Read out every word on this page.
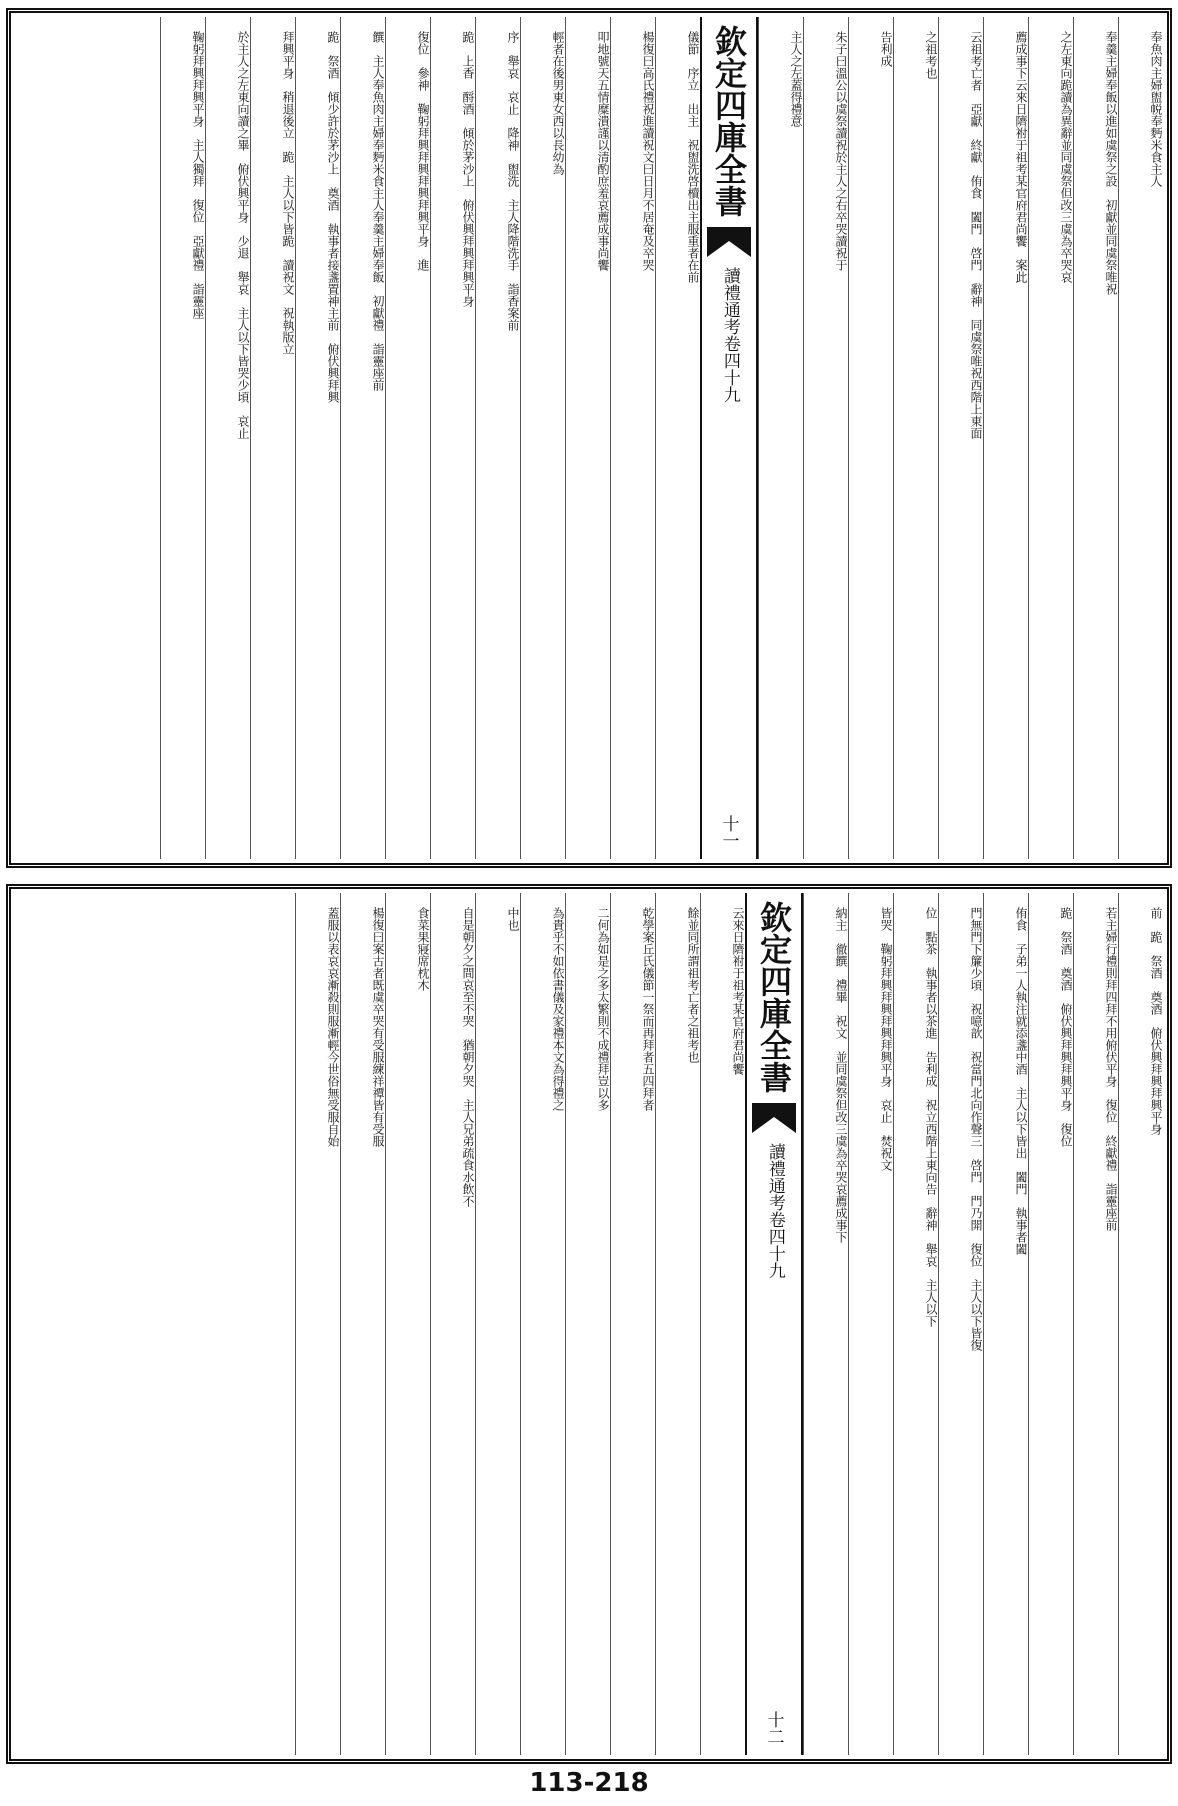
奉魚肉主婦盥帨奉麪米食主人
奉羹主婦奉飯以進如虞祭之設　初獻並同虞祭唯祝
之左東向跪讀為異辭並同虞祭但改三虞為卒哭哀
薦成事下云來日隮祔于祖考某官府君尚饗　案此
云祖考亡者　亞獻　終獻　侑食　闔門　啓門　辭神　同虞祭唯祝西階上東面
之祖考也
告利成
朱子曰溫公以虞祭讀祝於主人之右卒哭讀祝于
主人之左蓋得禮意
欽定四庫全書
讀禮通考
卷四十九
十一
儀節　序立　出主　祝盥洗啓櫝出主服重者在前
楊復曰高氏禮祝進讀祝文曰日月不居奄及卒哭
叩地號天五情糜潰謹以清酌庶羞哀薦成事尚饗
輕者在後男東女西以長幼為
序　舉哀　哀止　降神　盥洗　主人降階洗手　詣香案前
跪　上香　酹酒　傾於茅沙上　俯伏興拜興拜興平身
復位　參神　鞠躬拜興拜興拜興拜興平身　進
饌　主人奉魚肉主婦奉麪米食主人奉羹主婦奉飯　初獻禮　詣靈座前
跪　祭酒　傾少許於茅沙上　奠酒　執事者接盞置神主前　俯伏興拜興
拜興平身　稍退後立　跪　主人以下皆跪　讀祝文　祝執版立
於主人之左東向讀之畢　俯伏興平身　少退　舉哀　主人以下皆哭少頃　哀止
鞠躬拜興拜興平身　主人獨拜　復位　亞獻禮　詣靈座
前　跪　祭酒　奠酒　俯伏興拜興拜興平身
若主婦行禮則拜四拜不用俯伏平身　復位　終獻禮　詣靈座前
跪　祭酒　奠酒　俯伏興拜興拜興平身　復位
侑食　子弟一人執注就添盞中酒　主人以下皆出　闔門　執事者闔
門無門下簾少頃　祝噫歆　祝當門北向作聲三　啓門　門乃開　復位　主人以下皆復
位　點茶　執事者以茶進　告利成　祝立西階上東向告　辭神　舉哀　主人以下
皆哭　鞠躬拜興拜興拜興拜興平身　哀止　焚祝文
納主　徹饌　禮畢　祝文　並同虞祭但改三虞為卒哭哀薦成事下
欽定四庫全書
讀禮通考
卷四十九
十二
云來日隮祔于祖考某官府君尚饗
餘並同所謂祖考亡者之祖考也
乾學案丘氏儀節一祭而再拜者五四拜者
二何為如是之多太繁則不成禮拜豈以多
為貴乎不如依書儀及家禮本文為得禮之
中也
自是朝夕之間哀至不哭　猶朝夕哭　主人兄弟疏食水飲不
食菜果寢席枕木
楊復曰案古者既虞卒哭有受服練祥禫皆有受服
蓋服以表哀哀漸殺則服漸輕今世俗無受服自始
113-218
